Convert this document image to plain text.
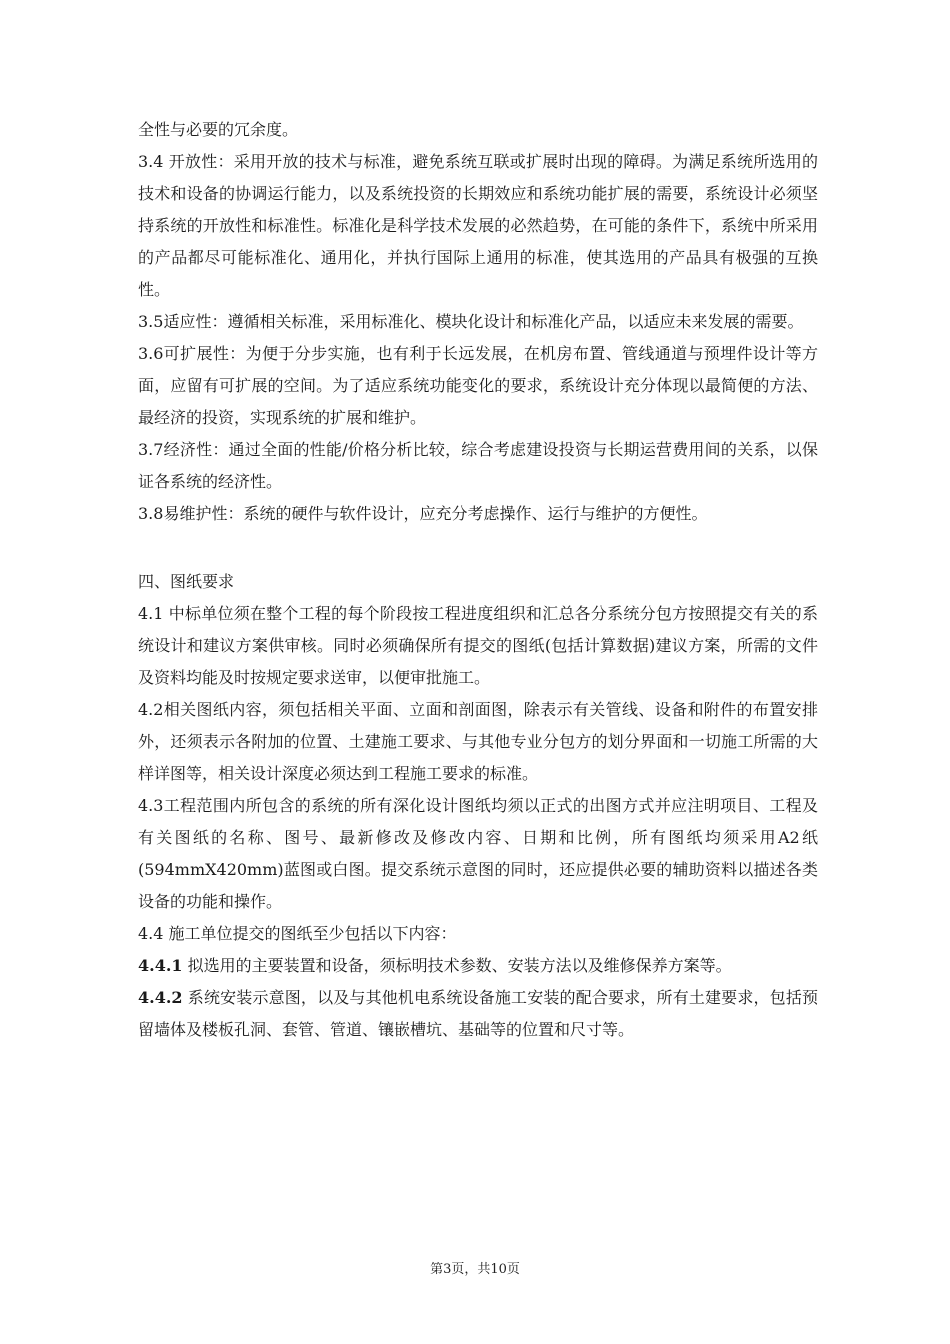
全性与必要的冗余度。

3.4 开放性：采用开放的技术与标准，避免系统互联或扩展时出现的障碍。为满足系统所选用的技术和设备的协调运行能力，以及系统投资的长期效应和系统功能扩展的需要，系统设计必须坚持系统的开放性和标准性。标准化是科学技术发展的必然趋势，在可能的条件下，系统中所采用的产品都尽可能标准化、通用化，并执行国际上通用的标准，使其选用的产品具有极强的互换性。

3.5适应性：遵循相关标准，采用标准化、模块化设计和标准化产品，以适应未来发展的需要。

3.6可扩展性：为便于分步实施，也有利于长远发展，在机房布置、管线通道与预埋件设计等方面，应留有可扩展的空间。为了适应系统功能变化的要求，系统设计充分体现以最简便的方法、最经济的投资，实现系统的扩展和维护。

3.7经济性：通过全面的性能/价格分析比较，综合考虑建设投资与长期运营费用间的关系，以保证各系统的经济性。

3.8易维护性：系统的硬件与软件设计，应充分考虑操作、运行与维护的方便性。

四、图纸要求

4.1 中标单位须在整个工程的每个阶段按工程进度组织和汇总各分系统分包方按照提交有关的系统设计和建议方案供审核。同时必须确保所有提交的图纸(包括计算数据)建议方案，所需的文件及资料均能及时按规定要求送审，以便审批施工。

4.2相关图纸内容，须包括相关平面、立面和剖面图，除表示有关管线、设备和附件的布置安排外，还须表示各附加的位置、土建施工要求、与其他专业分包方的划分界面和一切施工所需的大样详图等，相关设计深度必须达到工程施工要求的标准。

4.3工程范围内所包含的系统的所有深化设计图纸均须以正式的出图方式并应注明项目、工程及有关图纸的名称、图号、最新修改及修改内容、日期和比例，所有图纸均须采用A2纸(594mmX420mm)蓝图或白图。提交系统示意图的同时，还应提供必要的辅助资料以描述各类设备的功能和操作。

4.4 施工单位提交的图纸至少包括以下内容：

4.4.1 拟选用的主要装置和设备，须标明技术参数、安装方法以及维修保养方案等。

4.4.2 系统安装示意图，以及与其他机电系统设备施工安装的配合要求，所有土建要求，包括预留墙体及楼板孔洞、套管、管道、镶嵌槽坑、基础等的位置和尺寸等。

第3页，共10页
